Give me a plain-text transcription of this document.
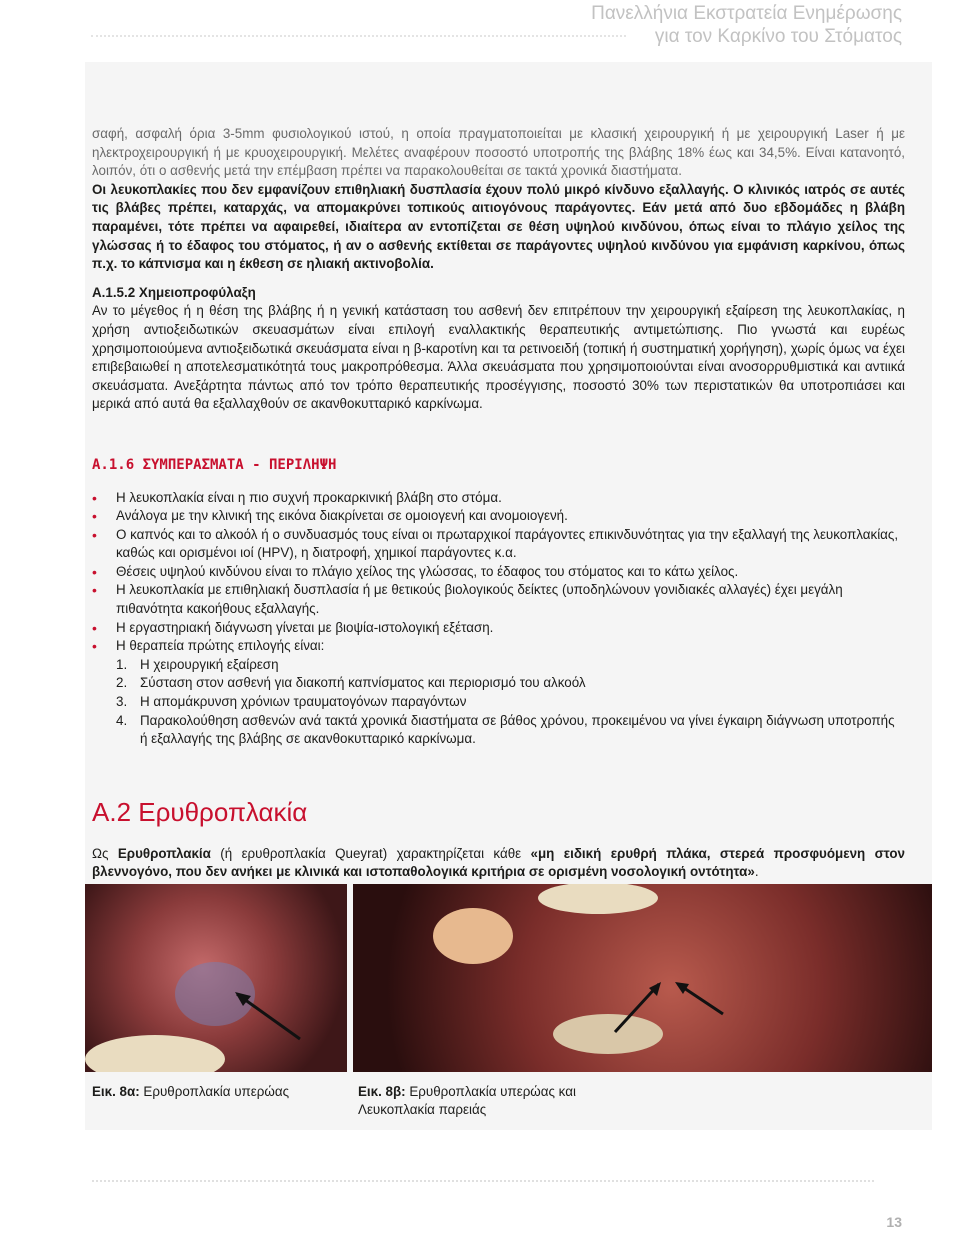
Πανελλήνια Εκστρατεία Ενημέρωσης
για τον Καρκίνο του Στόματος

σαφή, ασφαλή όρια 3-5mm φυσιολογικού ιστού, η οποία πραγματοποιείται με κλασική χειρουργική ή με χειρουργική Laser ή με ηλεκτροχειρουργική ή με κρυοχειρουργική. Μελέτες αναφέρουν ποσοστό υποτροπής της βλάβης 18% έως και 34,5%. Είναι κατανοητό, λοιπόν, ότι ο ασθενής μετά την επέμβαση πρέπει να παρακολουθείται σε τακτά χρονικά διαστήματα.

Οι λευκοπλακίες που δεν εμφανίζουν επιθηλιακή δυσπλασία έχουν πολύ μικρό κίνδυνο εξαλλαγής. Ο κλινικός ιατρός σε αυτές τις βλάβες πρέπει, καταρχάς, να απομακρύνει τοπικούς αιτιογόνους παράγοντες. Εάν μετά από δυο εβδομάδες η βλάβη παραμένει, τότε πρέπει να αφαιρεθεί, ιδιαίτερα αν εντοπίζεται σε θέση υψηλού κινδύνου, όπως είναι το πλάγιο χείλος της γλώσσας ή το έδαφος του στόματος, ή αν ο ασθενής εκτίθεται σε παράγοντες υψηλού κινδύνου για εμφάνιση καρκίνου, όπως π.χ. το κάπνισμα και η έκθεση σε ηλιακή ακτινοβολία.

Α.1.5.2 Χημειοπροφύλαξη

Αν το μέγεθος ή η θέση της βλάβης ή η γενική κατάσταση του ασθενή δεν επιτρέπουν την χειρουργική εξαίρεση της λευκοπλακίας, η χρήση αντιοξειδωτικών σκευασμάτων είναι επιλογή εναλλακτικής θεραπευτικής αντιμετώπισης. Πιο γνωστά και ευρέως χρησιμοποιούμενα αντιοξειδωτικά σκευάσματα είναι η β-καροτίνη και τα ρετινοειδή (τοπική ή συστηματική χορήγηση), χωρίς όμως να έχει επιβεβαιωθεί η αποτελεσματικότητά τους μακροπρόθεσμα. Άλλα σκευάσματα που χρησιμοποιούνται είναι ανοσορρυθμιστικά και αντιικά σκευάσματα. Ανεξάρτητα πάντως από τον τρόπο θεραπευτικής προσέγγισης, ποσοστό 30% των περιστατικών θα υποτροπιάσει και μερικά από αυτά θα εξαλλαχθούν σε ακανθοκυτταρικό καρκίνωμα.

Α.1.6 ΣΥΜΠΕΡΑΣΜΑΤΑ - ΠΕΡΙΛΗΨΗ
• Η λευκοπλακία είναι η πιο συχνή προκαρκινική βλάβη στο στόμα.
• Ανάλογα με την κλινική της εικόνα διακρίνεται σε ομοιογενή και ανομοιογενή.
• Ο καπνός και το αλκοόλ ή ο συνδυασμός τους είναι οι πρωταρχικοί παράγοντες επικινδυνότητας για την εξαλλαγή της λευκοπλακίας, καθώς και ορισμένοι ιοί (HPV), η διατροφή, χημικοί παράγοντες κ.α.
• Θέσεις υψηλού κινδύνου είναι το πλάγιο χείλος της γλώσσας, το έδαφος του στόματος και το κάτω χείλος.
• Η λευκοπλακία με επιθηλιακή δυσπλασία ή με θετικούς βιολογικούς δείκτες (υποδηλώνουν γονιδιακές αλλαγές) έχει μεγάλη πιθανότητα κακοήθους εξαλλαγής.
• Η εργαστηριακή διάγνωση γίνεται με βιοψία-ιστολογική εξέταση.
• Η θεραπεία πρώτης επιλογής είναι:
1. Η χειρουργική εξαίρεση
2. Σύσταση στον ασθενή για διακοπή καπνίσματος και περιορισμό του αλκοόλ
3. Η απομάκρυνση χρόνιων τραυματογόνων παραγόντων
4. Παρακολούθηση ασθενών ανά τακτά χρονικά διαστήματα σε βάθος χρόνου, προκειμένου να γίνει έγκαιρη διάγνωση υποτροπής ή εξαλλαγής της βλάβης σε ακανθοκυτταρικό καρκίνωμα.
Α.2 Ερυθροπλακία

Ως Ερυθροπλακία (ή ερυθροπλακία Queyrat) χαρακτηρίζεται κάθε «μη ειδική ερυθρή πλάκα, στερεά προσφυόμενη στον βλεννογόνο, που δεν ανήκει με κλινικά και ιστοπαθολογικά κριτήρια σε ορισμένη νοσολογική οντότητα».

Εικ. 8α: Ερυθροπλακία υπερώας	Εικ. 8β: Ερυθροπλακία υπερώας και Λευκοπλακία παρειάς
13
